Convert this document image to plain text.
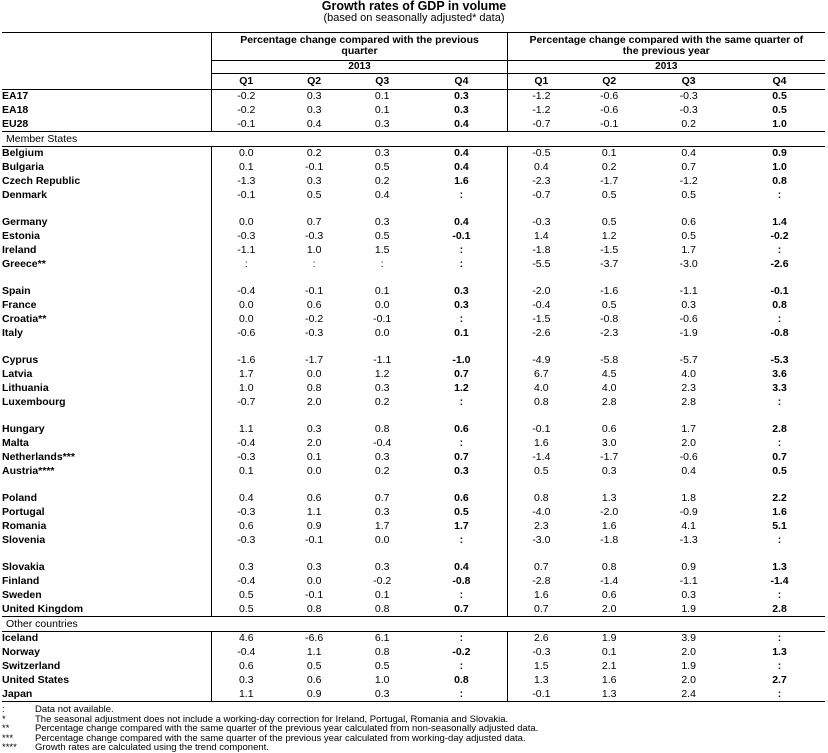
Growth rates of GDP in volume
(based on seasonally adjusted* data)
	Percentage change compared with the previous quarter				Percentage change compared with the same quarter of the previous year			
	2013				2013			
	Q1	Q2	Q3	Q4	Q1	Q2	Q3	Q4
EA17	-0.2	0.3	0.1	0.3	-1.2	-0.6	-0.3	0.5
EA18	-0.2	0.3	0.1	0.3	-1.2	-0.6	-0.3	0.5
EU28	-0.1	0.4	0.3	0.4	-0.7	-0.1	0.2	1.0
Member States								
Belgium	0.0	0.2	0.3	0.4	-0.5	0.1	0.4	0.9
Bulgaria	0.1	-0.1	0.5	0.4	0.4	0.2	0.7	1.0
Czech Republic	-1.3	0.3	0.2	1.6	-2.3	-1.7	-1.2	0.8
Denmark	-0.1	0.5	0.4	:	-0.7	0.5	0.5	:

Germany	0.0	0.7	0.3	0.4	-0.3	0.5	0.6	1.4
Estonia	-0.3	-0.3	0.5	-0.1	1.4	1.2	0.5	-0.2
Ireland	-1.1	1.0	1.5	:	-1.8	-1.5	1.7	:
Greece**	:	:	:	:	-5.5	-3.7	-3.0	-2.6

Spain	-0.4	-0.1	0.1	0.3	-2.0	-1.6	-1.1	-0.1
France	0.0	0.6	0.0	0.3	-0.4	0.5	0.3	0.8
Croatia**	0.0	-0.2	-0.1	:	-1.5	-0.8	-0.6	:
Italy	-0.6	-0.3	0.0	0.1	-2.6	-2.3	-1.9	-0.8

Cyprus	-1.6	-1.7	-1.1	-1.0	-4.9	-5.8	-5.7	-5.3
Latvia	1.7	0.0	1.2	0.7	6.7	4.5	4.0	3.6
Lithuania	1.0	0.8	0.3	1.2	4.0	4.0	2.3	3.3
Luxembourg	-0.7	2.0	0.2	:	0.8	2.8	2.8	:

Hungary	1.1	0.3	0.8	0.6	-0.1	0.6	1.7	2.8
Malta	-0.4	2.0	-0.4	:	1.6	3.0	2.0	:
Netherlands***	-0.3	0.1	0.3	0.7	-1.4	-1.7	-0.6	0.7
Austria****	0.1	0.0	0.2	0.3	0.5	0.3	0.4	0.5

Poland	0.4	0.6	0.7	0.6	0.8	1.3	1.8	2.2
Portugal	-0.3	1.1	0.3	0.5	-4.0	-2.0	-0.9	1.6
Romania	0.6	0.9	1.7	1.7	2.3	1.6	4.1	5.1
Slovenia	-0.3	-0.1	0.0	:	-3.0	-1.8	-1.3	:

Slovakia	0.3	0.3	0.3	0.4	0.7	0.8	0.9	1.3
Finland	-0.4	0.0	-0.2	-0.8	-2.8	-1.4	-1.1	-1.4
Sweden	0.5	-0.1	0.1	:	1.6	0.6	0.3	:
United Kingdom	0.5	0.8	0.8	0.7	0.7	2.0	1.9	2.8
Other countries								
Iceland	4.6	-6.6	6.1	:	2.6	1.9	3.9	:
Norway	-0.4	1.1	0.8	-0.2	-0.3	0.1	2.0	1.3
Switzerland	0.6	0.5	0.5	:	1.5	2.1	1.9	:
United States	0.3	0.6	1.0	0.8	1.3	1.6	2.0	2.7
Japan	1.1	0.9	0.3	:	-0.1	1.3	2.4	:
:	Data not available.
*	The seasonal adjustment does not include a working-day correction for Ireland, Portugal, Romania and Slovakia.
**	Percentage change compared with the same quarter of the previous year calculated from non-seasonally adjusted data.
*** Percentage change compared with the same quarter of the previous year calculated from working-day adjusted data.
**** Growth rates are calculated using the trend component.
